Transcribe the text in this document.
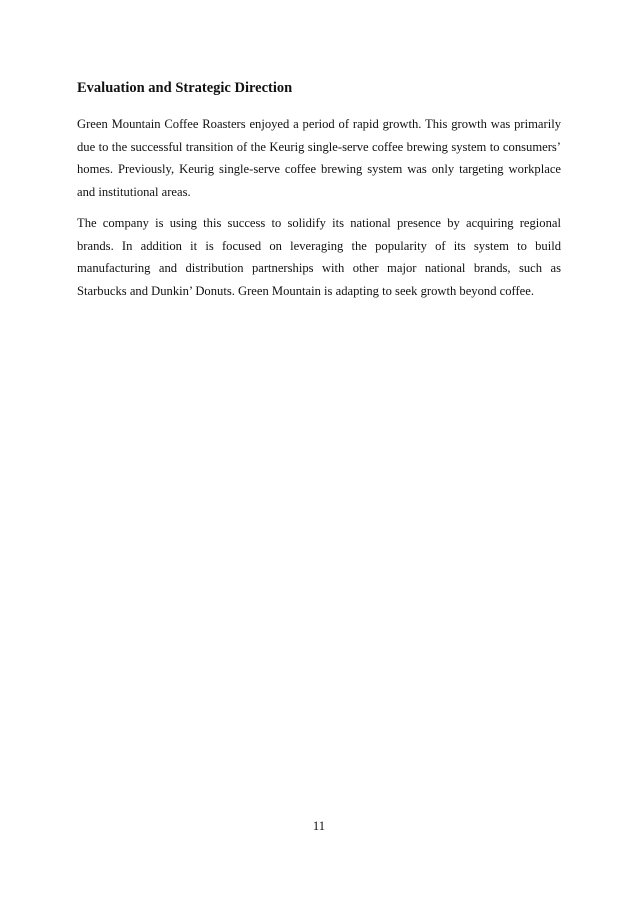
Evaluation and Strategic Direction

Green Mountain Coffee Roasters enjoyed a period of rapid growth. This growth was primarily due to the successful transition of the Keurig single-serve coffee brewing system to consumers’ homes. Previously, Keurig single-serve coffee brewing system was only targeting workplace and institutional areas.

The company is using this success to solidify its national presence by acquiring regional brands. In addition it is focused on leveraging the popularity of its system to build manufacturing and distribution partnerships with other major national brands, such as Starbucks and Dunkin’ Donuts. Green Mountain is adapting to seek growth beyond coffee.

11
